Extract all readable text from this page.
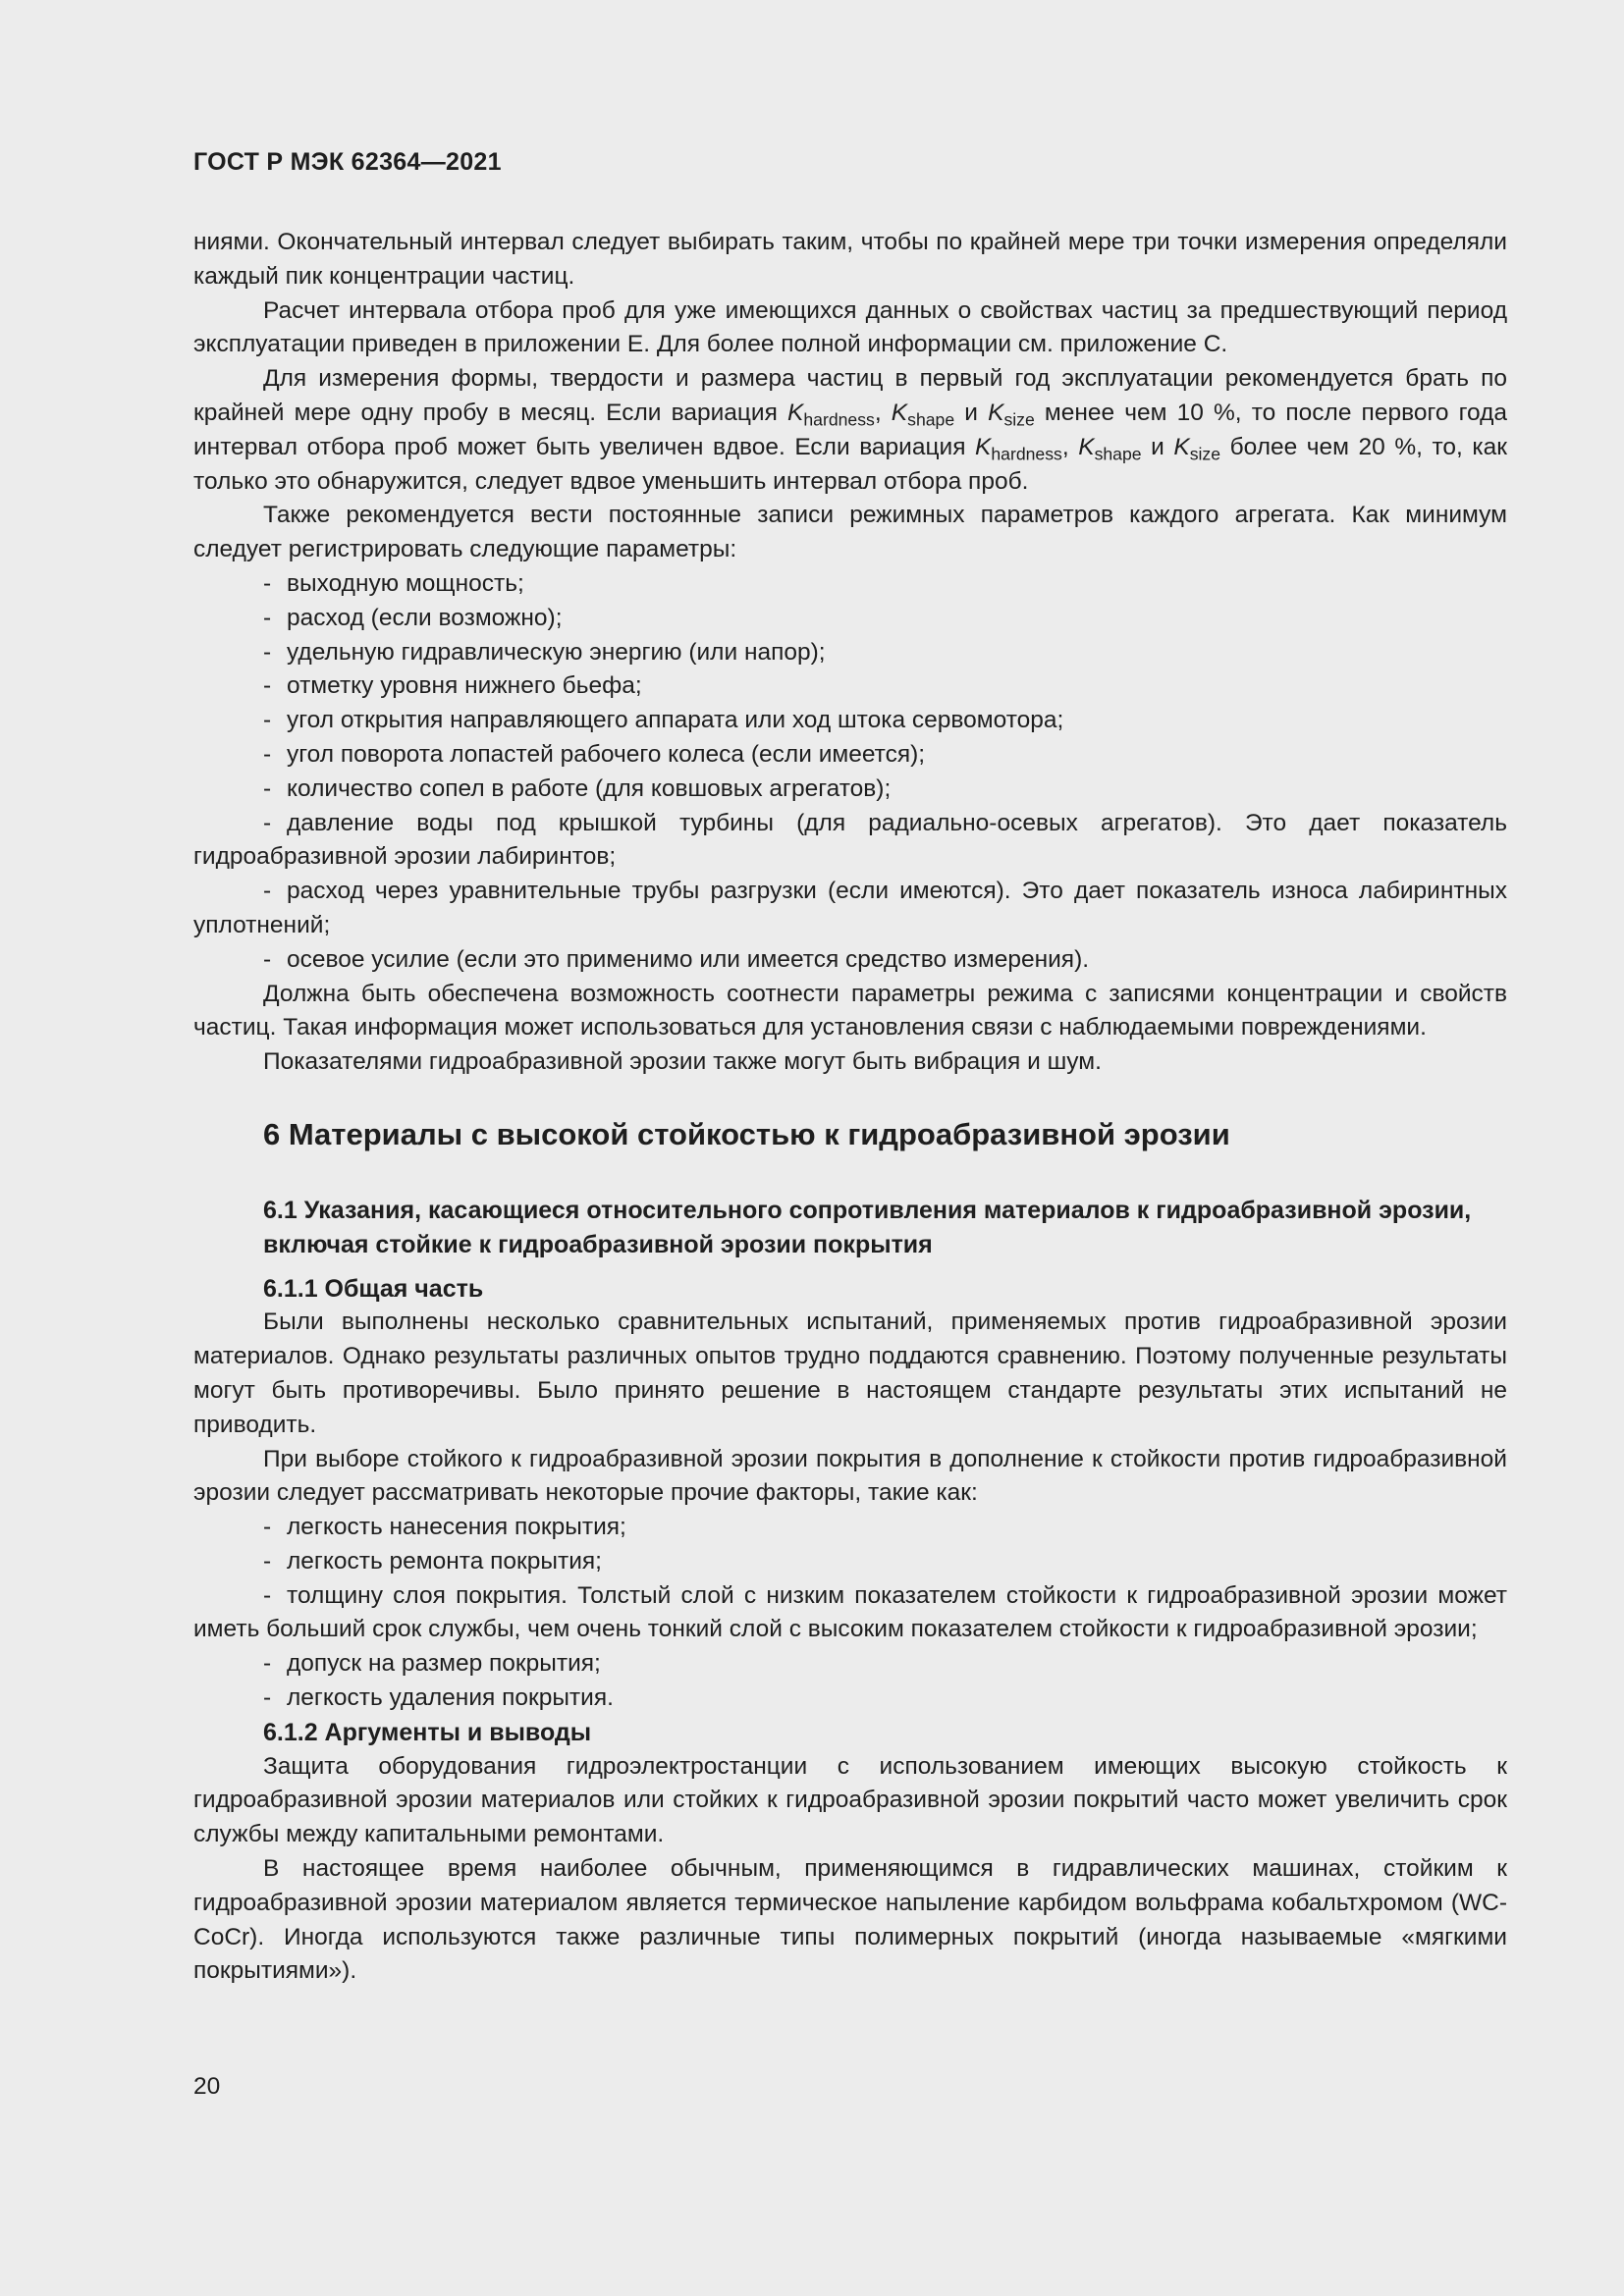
ГОСТ Р МЭК 62364—2021

ниями. Окончательный интервал следует выбирать таким, чтобы по крайней мере три точки измерения определяли каждый пик концентрации частиц.

Расчет интервала отбора проб для уже имеющихся данных о свойствах частиц за предшествующий период эксплуатации приведен в приложении Е. Для более полной информации см. приложение С.

Для измерения формы, твердости и размера частиц в первый год эксплуатации рекомендуется брать по крайней мере одну пробу в месяц. Если вариация $K_{hardness}$, $K_{shape}$ и $K_{size}$ менее чем 10 %, то после первого года интервал отбора проб может быть увеличен вдвое. Если вариация $K_{hardness}$, $K_{shape}$ и $K_{size}$ более чем 20 %, то, как только это обнаружится, следует вдвое уменьшить интервал отбора проб.

Также рекомендуется вести постоянные записи режимных параметров каждого агрегата. Как минимум следует регистрировать следующие параметры:

- выходную мощность;

- расход (если возможно);

- удельную гидравлическую энергию (или напор);

- отметку уровня нижнего бьефа;

- угол открытия направляющего аппарата или ход штока сервомотора;

- угол поворота лопастей рабочего колеса (если имеется);

- количество сопел в работе (для ковшовых агрегатов);

- давление воды под крышкой турбины (для радиально-осевых агрегатов). Это дает показатель гидроабразивной эрозии лабиринтов;

- расход через уравнительные трубы разгрузки (если имеются). Это дает показатель износа лабиринтных уплотнений;

- осевое усилие (если это применимо или имеется средство измерения).

Должна быть обеспечена возможность соотнести параметры режима с записями концентрации и свойств частиц. Такая информация может использоваться для установления связи с наблюдаемыми повреждениями.

Показателями гидроабразивной эрозии также могут быть вибрация и шум.

6 Материалы с высокой стойкостью к гидроабразивной эрозии
6.1 Указания, касающиеся относительного сопротивления материалов к гидроабразивной эрозии, включая стойкие к гидроабразивной эрозии покрытия
6.1.1 Общая часть

Были выполнены несколько сравнительных испытаний, применяемых против гидроабразивной эрозии материалов. Однако результаты различных опытов трудно поддаются сравнению. Поэтому полученные результаты могут быть противоречивы. Было принято решение в настоящем стандарте результаты этих испытаний не приводить.

При выборе стойкого к гидроабразивной эрозии покрытия в дополнение к стойкости против гидроабразивной эрозии следует рассматривать некоторые прочие факторы, такие как:

- легкость нанесения покрытия;

- легкость ремонта покрытия;

- толщину слоя покрытия. Толстый слой с низким показателем стойкости к гидроабразивной эрозии может иметь больший срок службы, чем очень тонкий слой с высоким показателем стойкости к гидроабразивной эрозии;

- допуск на размер покрытия;

- легкость удаления покрытия.

6.1.2 Аргументы и выводы

Защита оборудования гидроэлектростанции с использованием имеющих высокую стойкость к гидроабразивной эрозии материалов или стойких к гидроабразивной эрозии покрытий часто может увеличить срок службы между капитальными ремонтами.

В настоящее время наиболее обычным, применяющимся в гидравлических машинах, стойким к гидроабразивной эрозии материалом является термическое напыление карбидом вольфрама кобальтхромом (WC-CoCr). Иногда используются также различные типы полимерных покрытий (иногда называемые «мягкими покрытиями»).

20
